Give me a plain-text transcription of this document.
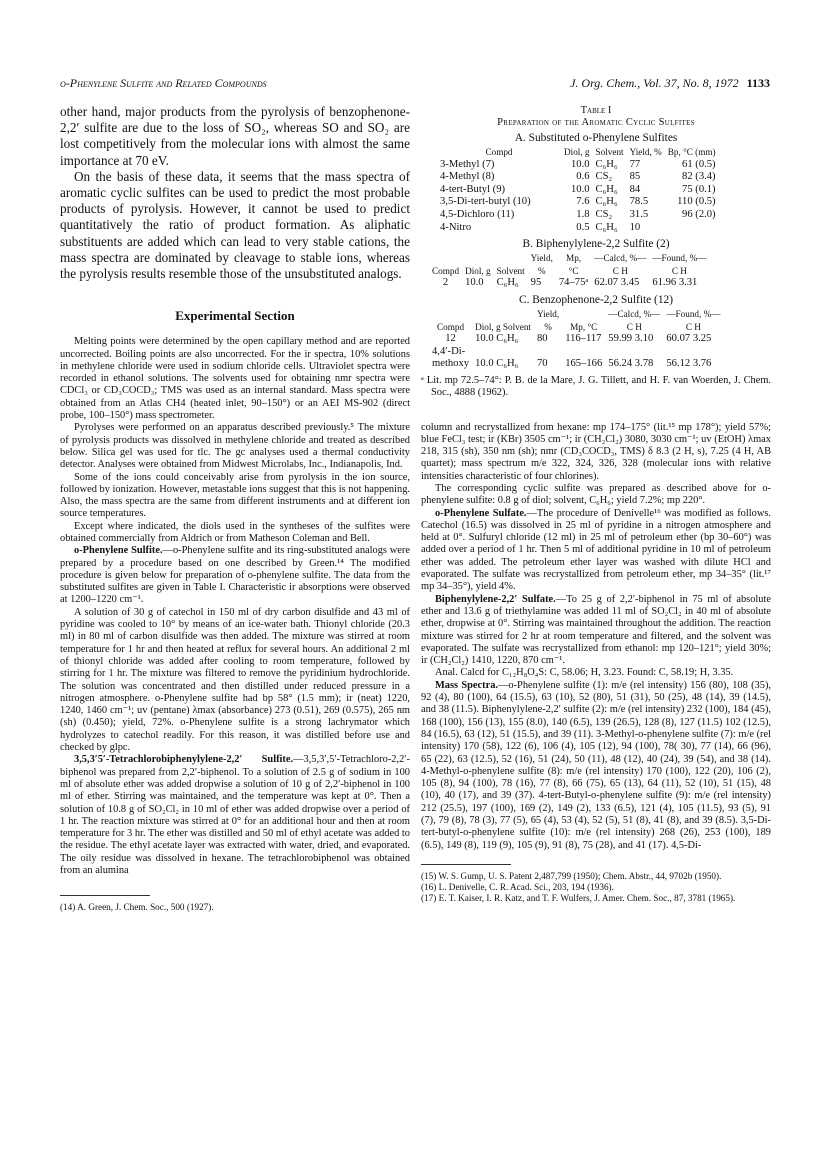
o-Phenylene Sulfite and Related Compounds	J. Org. Chem., Vol. 37, No. 8, 1972 1133

other hand, major products from the pyrolysis of benzophenone-2,2′ sulfite are due to the loss of SO₂, whereas SO and SO₂ are lost competitively from the molecular ions with almost the same importance at 70 eV.

On the basis of these data, it seems that the mass spectra of aromatic cyclic sulfites can be used to predict the most probable products of pyrolysis. However, it cannot be used to predict quantitatively the ratio of product formation. As aliphatic substituents are added which can lead to very stable cations, the mass spectra are dominated by cleavage to stable ions, whereas the pyrolysis results resemble those of the unsubstituted analogs.

Experimental Section

Melting points were determined by the open capillary method and are reported uncorrected. Boiling points are also uncorrected. For the ir spectra, 10% solutions in methylene chloride were used in sodium chloride cells. Ultraviolet spectra were recorded in ethanol solutions. The solvents used for obtaining nmr spectra were CDCl₃ or CD₃COCD₃; TMS was used as an internal standard. Mass spectra were obtained from an Atlas CH4 (heated inlet, 90–150°) or an AEI MS-902 (direct probe, 100–150°) mass spectrometer.

Pyrolyses were performed on an apparatus described previously.⁵ The mixture of pyrolysis products was dissolved in methylene chloride and treated as described below. Silica gel was used for tlc. The gc analyses used a thermal conductivity detector. Analyses were obtained from Midwest Microlabs, Inc., Indianapolis, Ind.

Some of the ions could conceivably arise from pyrolysis in the ion source, followed by ionization. However, metastable ions suggest that this is not happening. Also, the mass spectra are the same from different instruments and at different ion source temperatures.

Except where indicated, the diols used in the syntheses of the sulfites were obtained commercially from Aldrich or from Matheson Coleman and Bell.

o-Phenylene Sulfite.—o-Phenylene sulfite and its ring-substituted analogs were prepared by a procedure based on one described by Green.¹⁴ The modified procedure is given below for preparation of o-phenylene sulfite. The data from the substituted sulfites are given in Table I. Characteristic ir absorptions were observed at 1200–1220 cm⁻¹.

A solution of 30 g of catechol in 150 ml of dry carbon disulfide and 43 ml of pyridine was cooled to 10° by means of an ice-water bath. Thionyl chloride (20.3 ml) in 80 ml of carbon disulfide was then added. The mixture was stirred at room temperature for 1 hr and then heated at reflux for several hours. An additional 2 ml of thionyl chloride was added after cooling to room temperature, followed by stirring for 1 hr. The mixture was filtered to remove the pyridinium hydrochloride. The solution was concentrated and then distilled under reduced pressure in a nitrogen atmosphere. o-Phenylene sulfite had bp 58° (1.5 mm); ir (neat) 1220, 1240, 1460 cm⁻¹; uv (pentane) λmax (absorbance) 273 (0.51), 269 (0.575), 265 nm (sh) (0.450); yield, 72%. o-Phenylene sulfite is a strong lachrymator which hydrolyzes to catechol readily. For this reason, it was distilled before use and checked by glpc.

3,5,3′5′-Tetrachlorobiphenylylene-2,2′ Sulfite.—3,5,3′,5′-Tetrachloro-2,2′-biphenol was prepared from 2,2′-biphenol. To a solution of 2.5 g of sodium in 100 ml of absolute ether was added dropwise a solution of 10 g of 2,2′-biphenol in 100 ml of ether. Stirring was maintained, and the temperature was kept at 0°. Then a solution of 10.8 g of SO₂Cl₂ in 10 ml of ether was added dropwise over a period of 1 hr. The reaction mixture was stirred at 0° for an additional hour and then at room temperature for 3 hr. The ether was distilled and 50 ml of ethyl acetate was added to the residue. The ethyl acetate layer was extracted with water, dried, and evaporated. The oily residue was dissolved in hexane. The tetrachlorobiphenol was obtained from an alumina

(14) A. Green, J. Chem. Soc., 500 (1927).

Table I
Preparation of the Aromatic Cyclic Sulfites
A. Substituted o-Phenylene Sulfites
Compd	Diol, g	Solvent	Yield, %	Bp, °C (mm)
3-Methyl (7)	10.0	C₆H₆	77	61 (0.5)
4-Methyl (8)	0.6	CS₂	85	82 (3.4)
4-tert-Butyl (9)	10.0	C₆H₆	84	75 (0.1)
3,5-Di-tert-butyl (10)	7.6	C₆H₆	78.5	110 (0.5)
4,5-Dichloro (11)	1.8	CS₂	31.5	96 (2.0)
4-Nitro	0.5	C₆H₆	10	
B. Biphenylylene-2,2 Sulfite (2)
			Yield,	Mp,	—Calcd, %—	—Found, %—
Compd	Diol, g	Solvent	%	°C	C H	C H
2	10.0	C₆H₆	95	74–75ᵃ	62.07 3.45	61.96 3.31
C. Benzophenone-2,2 Sulfite (12)
		Yield,		—Calcd, %—	—Found, %—
Compd	Diol, g Solvent	%	Mp, °C	C H	C H
12	10.0 C₆H₆	80	116–117	59.99 3.10	60.07 3.25
4,4′-Di-					
methoxy	10.0 C₆H₆	70	165–166	56.24 3.78	56.12 3.76

ᵃ Lit. mp 72.5–74°: P. B. de la Mare, J. G. Tillett, and H. F. van Woerden, J. Chem. Soc., 4888 (1962).

column and recrystallized from hexane: mp 174–175° (lit.¹⁵ mp 178°); yield 57%; blue FeCl₃ test; ir (KBr) 3505 cm⁻¹; ir (CH₂Cl₂) 3080, 3030 cm⁻¹; uv (EtOH) λmax 218, 315 (sh), 350 nm (sh); nmr (CD₃COCD₃, TMS) δ 8.3 (2 H, s), 7.25 (4 H, AB quartet); mass spectrum m/e 322, 324, 326, 328 (molecular ions with relative intensities characteristic of four chlorines).

The corresponding cyclic sulfite was prepared as described above for o-phenylene sulfite: 0.8 g of diol; solvent, C₆H₆; yield 7.2%; mp 220°.

o-Phenylene Sulfate.—The procedure of Denivelle¹⁶ was modified as follows. Catechol (16.5) was dissolved in 25 ml of pyridine in a nitrogen atmosphere and held at 0°. Sulfuryl chloride (12 ml) in 25 ml of petroleum ether (bp 30–60°) was added over a period of 1 hr. Then 5 ml of additional pyridine in 10 ml of petroleum ether was added. The petroleum ether layer was washed with dilute HCl and evaporated. The sulfate was recrystallized from petroleum ether, mp 34–35° (lit.¹⁷ mp 34–35°), yield 4%.

Biphenylylene-2,2′ Sulfate.—To 25 g of 2,2′-biphenol in 75 ml of absolute ether and 13.6 g of triethylamine was added 11 ml of SO₂Cl₂ in 40 ml of absolute ether, dropwise at 0°. Stirring was maintained throughout the addition. The reaction mixture was stirred for 2 hr at room temperature and filtered, and the solvent was evaporated. The sulfate was recrystallized from ethanol: mp 120–121°; yield 30%; ir (CH₂Cl₂) 1410, 1220, 870 cm⁻¹.

Anal. Calcd for C₁₂H₈O₄S: C, 58.06; H, 3.23. Found: C, 58.19; H, 3.35.

Mass Spectra.—o-Phenylene sulfite (1): m/e (rel intensity) 156 (80), 108 (35), 92 (4), 80 (100), 64 (15.5), 63 (10), 52 (80), 51 (31), 50 (25), 48 (14), 39 (14.5), and 38 (11.5). Biphenylylene-2,2′ sulfite (2): m/e (rel intensity) 232 (100), 184 (45), 168 (100), 156 (13), 155 (8.0), 140 (6.5), 139 (26.5), 128 (8), 127 (11.5) 102 (12.5), 84 (16.5), 63 (12), 51 (15.5), and 39 (11). 3-Methyl-o-phenylene sulfite (7): m/e (rel intensity) 170 (58), 122 (6), 106 (4), 105 (12), 94 (100), 78( 30), 77 (14), 66 (96), 65 (22), 63 (12.5), 52 (16), 51 (24), 50 (11), 48 (12), 40 (24), 39 (54), and 38 (14). 4-Methyl-o-phenylene sulfite (8): m/e (rel intensity) 170 (100), 122 (20), 106 (2), 105 (8), 94 (100), 78 (16), 77 (8), 66 (75), 65 (13), 64 (11), 52 (10), 51 (15), 48 (10), 40 (17), and 39 (37). 4-tert-Butyl-o-phenylene sulfite (9): m/e (rel intensity) 212 (25.5), 197 (100), 169 (2), 149 (2), 133 (6.5), 121 (4), 105 (11.5), 93 (5), 91 (7), 79 (8), 78 (3), 77 (5), 65 (4), 53 (4), 52 (5), 51 (8), 41 (8), and 39 (8.5). 3,5-Di-tert-butyl-o-phenylene sulfite (10): m/e (rel intensity) 268 (26), 253 (100), 189 (6.5), 149 (8), 119 (9), 105 (9), 91 (8), 75 (28), and 41 (17). 4,5-Di-

(15) W. S. Gump, U. S. Patent 2,487,799 (1950); Chem. Abstr., 44, 9702b (1950).

(16) L. Denivelle, C. R. Acad. Sci., 203, 194 (1936).

(17) E. T. Kaiser, I. R. Katz, and T. F. Wulfers, J. Amer. Chem. Soc., 87, 3781 (1965).
